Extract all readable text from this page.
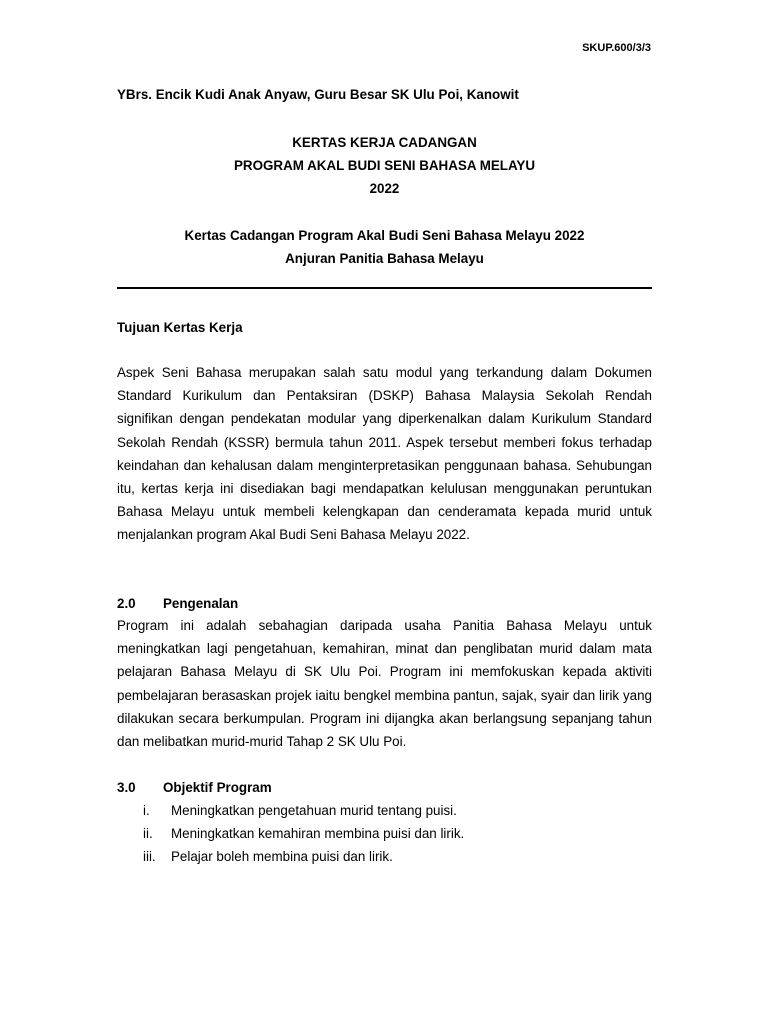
SKUP.600/3/3
YBrs. Encik Kudi Anak Anyaw, Guru Besar SK Ulu Poi, Kanowit
KERTAS KERJA CADANGAN
PROGRAM AKAL BUDI SENI BAHASA MELAYU
2022
Kertas Cadangan Program Akal Budi Seni Bahasa Melayu 2022
Anjuran Panitia Bahasa Melayu
Tujuan Kertas Kerja

Aspek Seni Bahasa merupakan salah satu modul yang terkandung dalam Dokumen Standard Kurikulum dan Pentaksiran (DSKP) Bahasa Malaysia Sekolah Rendah signifikan dengan pendekatan modular yang diperkenalkan dalam Kurikulum Standard Sekolah Rendah (KSSR) bermula tahun 2011. Aspek tersebut memberi fokus terhadap keindahan dan kehalusan dalam menginterpretasikan penggunaan bahasa. Sehubungan itu, kertas kerja ini disediakan bagi mendapatkan kelulusan menggunakan peruntukan Bahasa Melayu untuk membeli kelengkapan dan cenderamata kepada murid untuk menjalankan program Akal Budi Seni Bahasa Melayu 2022.

2.0 Pengenalan

Program ini adalah sebahagian daripada usaha Panitia Bahasa Melayu untuk meningkatkan lagi pengetahuan, kemahiran, minat dan penglibatan murid dalam mata pelajaran Bahasa Melayu di SK Ulu Poi. Program ini memfokuskan kepada aktiviti pembelajaran berasaskan projek iaitu bengkel membina pantun, sajak, syair dan lirik yang dilakukan secara berkumpulan. Program ini dijangka akan berlangsung sepanjang tahun dan melibatkan murid-murid Tahap 2 SK Ulu Poi.

3.0 Objektif Program
i.	Meningkatkan pengetahuan murid tentang puisi.
ii.	Meningkatkan kemahiran membina puisi dan lirik.
iii.	Pelajar boleh membina puisi dan lirik.
